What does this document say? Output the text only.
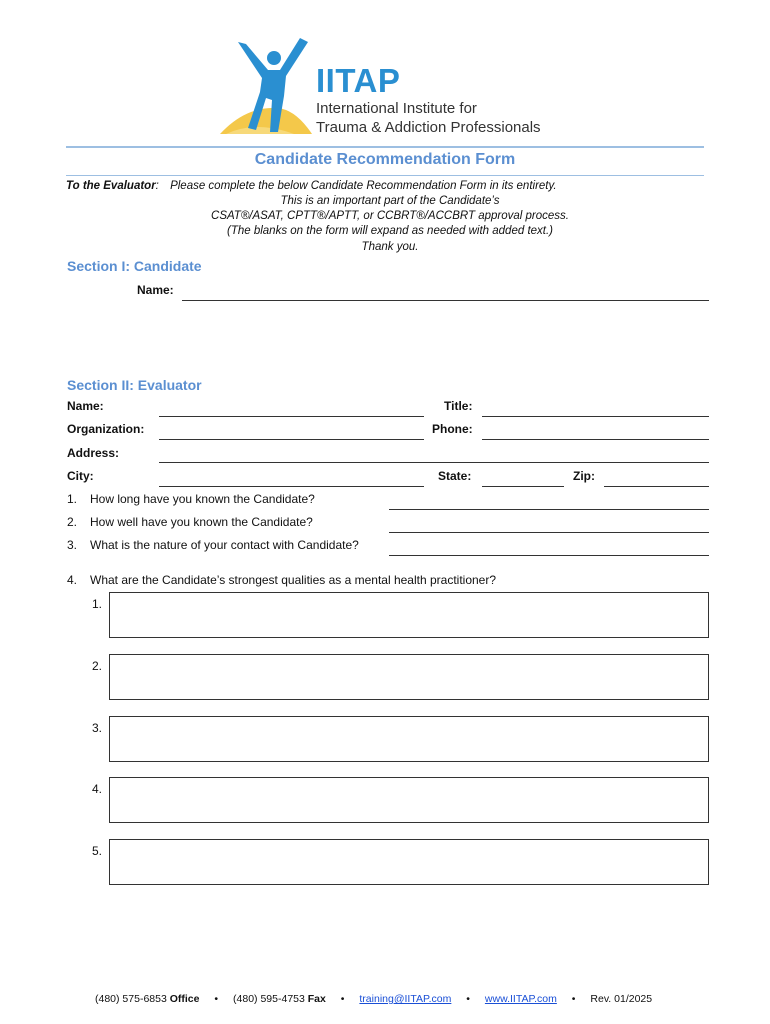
IITAP
International Institute for
Trauma & Addiction Professionals
Candidate Recommendation Form
To the Evaluator: Please complete the below Candidate Recommendation Form in its entirety.
This is an important part of the Candidate’s
CSAT®/ASAT, CPTT®/APTT, or CCBRT®/ACCBRT approval process.
(The blanks on the form will expand as needed with added text.)
Thank you.
Section I: Candidate
Name:
Section II: Evaluator
Name:	Title:
Organization:	Phone:
Address:
City:	State:	Zip:
1. How long have you known the Candidate?
2. How well have you known the Candidate?
3. What is the nature of your contact with Candidate?
4. What are the Candidate’s strongest qualities as a mental health practitioner?
1.
2.
3.
4.
5.
(480) 575-6853 Office • (480) 595-4753 Fax • training@IITAP.com • www.IITAP.com • Rev. 01/2025
